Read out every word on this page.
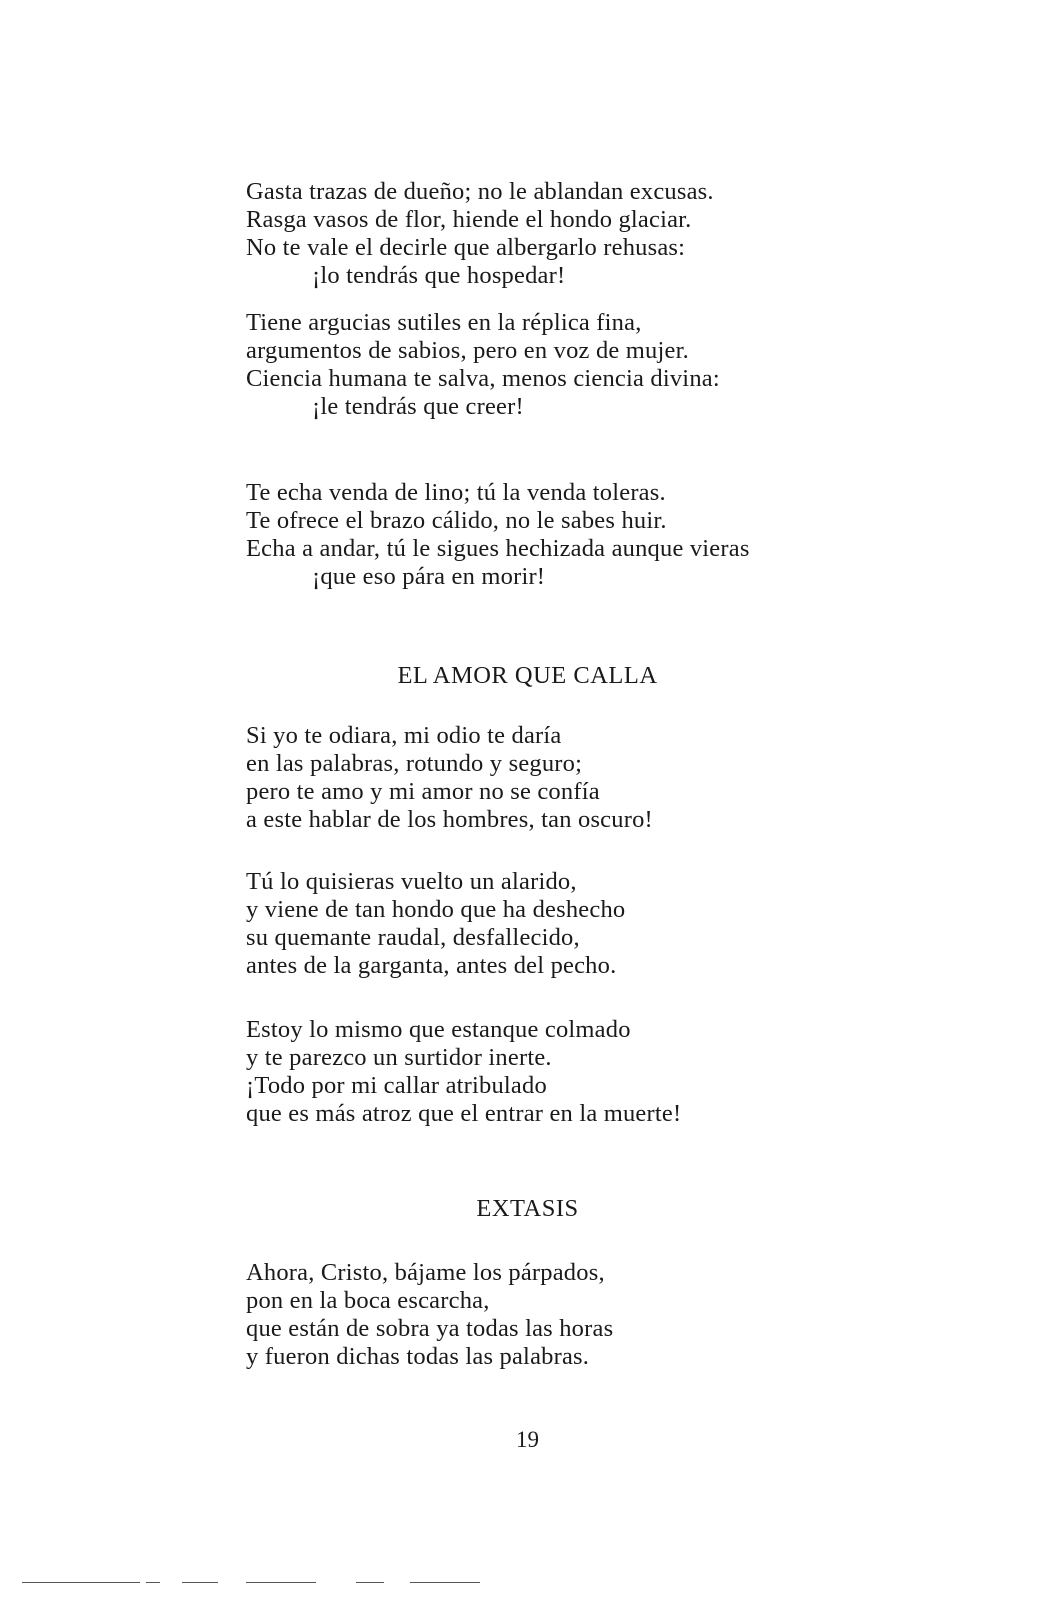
Gasta trazas de dueño; no le ablandan excusas.
Rasga vasos de flor, hiende el hondo glaciar.
No te vale el decirle que albergarlo rehusas:
¡lo tendrás que hospedar!
Tiene argucias sutiles en la réplica fina,
argumentos de sabios, pero en voz de mujer.
Ciencia humana te salva, menos ciencia divina:
¡le tendrás que creer!
Te echa venda de lino; tú la venda toleras.
Te ofrece el brazo cálido, no le sabes huir.
Echa a andar, tú le sigues hechizada aunque vieras
¡que eso pára en morir!
EL AMOR QUE CALLA
Si yo te odiara, mi odio te daría
en las palabras, rotundo y seguro;
pero te amo y mi amor no se confía
a este hablar de los hombres, tan oscuro!
Tú lo quisieras vuelto un alarido,
y viene de tan hondo que ha deshecho
su quemante raudal, desfallecido,
antes de la garganta, antes del pecho.
Estoy lo mismo que estanque colmado
y te parezco un surtidor inerte.
¡Todo por mi callar atribulado
que es más atroz que el entrar en la muerte!
EXTASIS
Ahora, Cristo, bájame los párpados,
pon en la boca escarcha,
que están de sobra ya todas las horas
y fueron dichas todas las palabras.
19
